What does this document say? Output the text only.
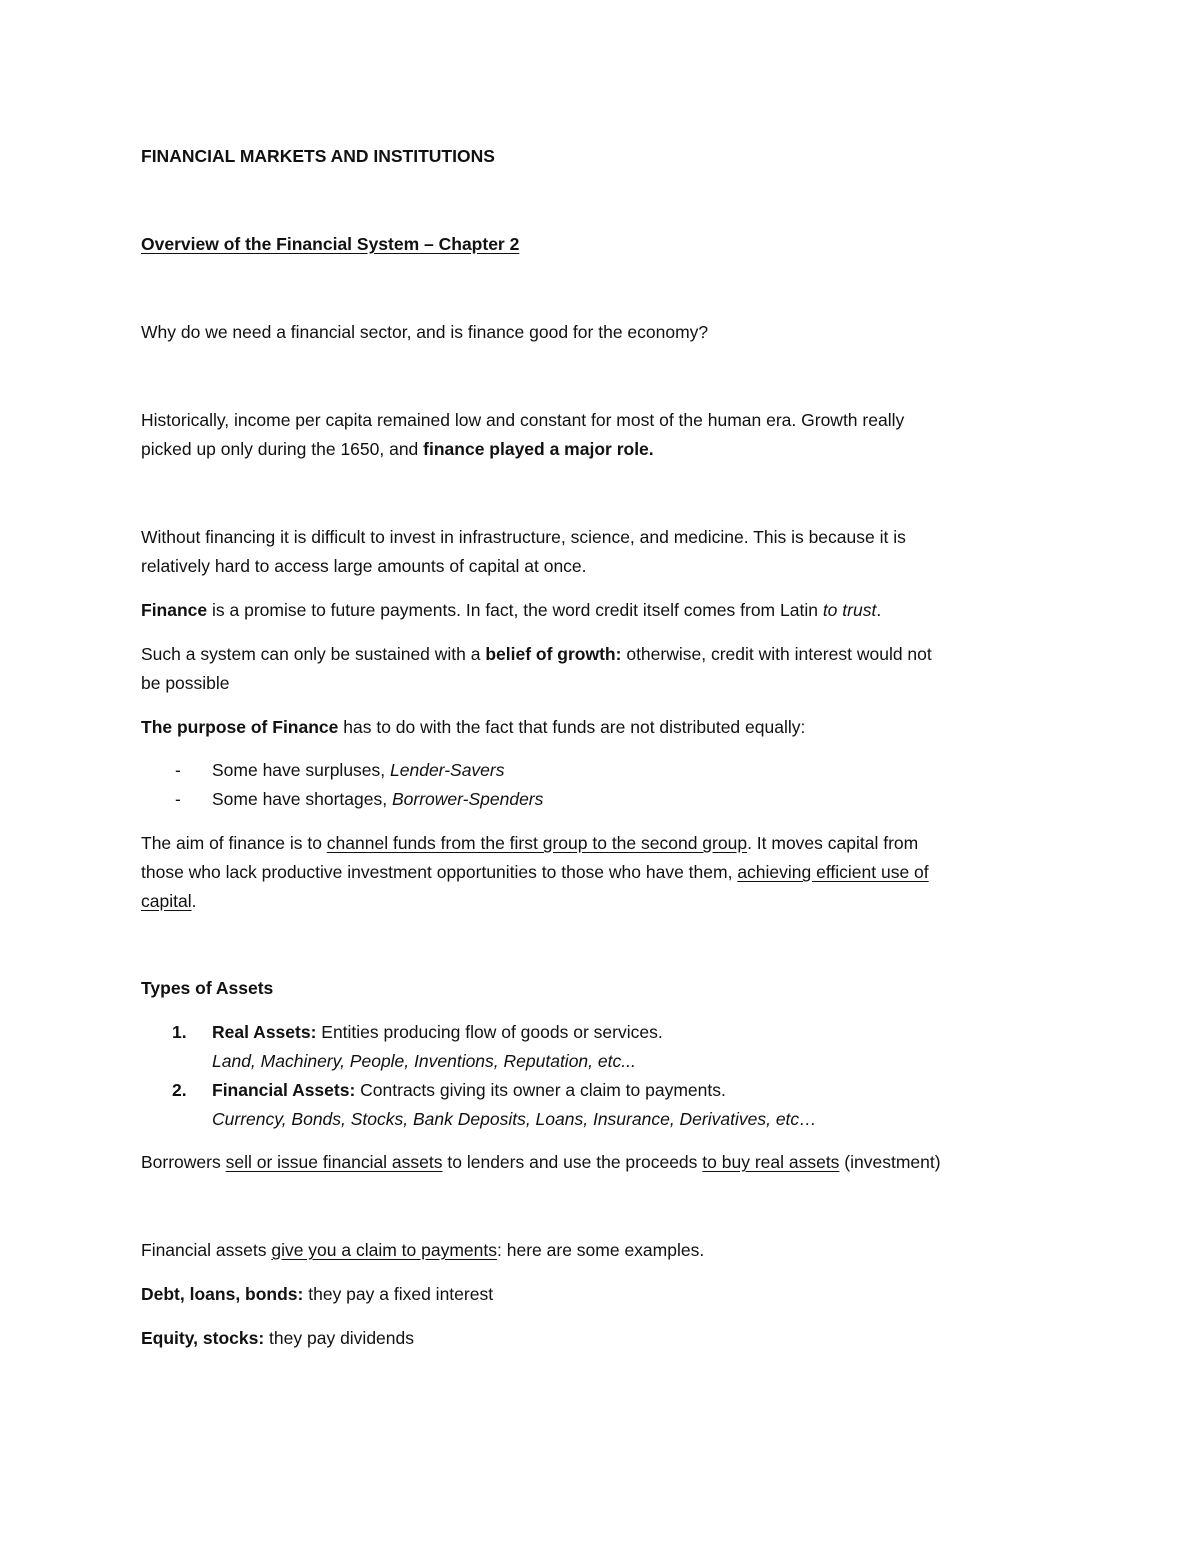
FINANCIAL MARKETS AND INSTITUTIONS

Overview of the Financial System – Chapter 2

Why do we need a financial sector, and is finance good for the economy?

Historically, income per capita remained low and constant for most of the human era. Growth really

picked up only during the 1650, and finance played a major role.

Without financing it is difficult to invest in infrastructure, science, and medicine. This is because it is

relatively hard to access large amounts of capital at once.

Finance is a promise to future payments. In fact, the word credit itself comes from Latin to trust.

Such a system can only be sustained with a belief of growth: otherwise, credit with interest would not

be possible

The purpose of Finance has to do with the fact that funds are not distributed equally:

- Some have surpluses, Lender-Savers

- Some have shortages, Borrower-Spenders

The aim of finance is to channel funds from the first group to the second group. It moves capital from

those who lack productive investment opportunities to those who have them, achieving efficient use of

capital.

Types of Assets

1. Real Assets: Entities producing flow of goods or services.

Land, Machinery, People, Inventions, Reputation, etc...

2. Financial Assets: Contracts giving its owner a claim to payments.

Currency, Bonds, Stocks, Bank Deposits, Loans, Insurance, Derivatives, etc…

Borrowers sell or issue financial assets to lenders and use the proceeds to buy real assets (investment)

Financial assets give you a claim to payments: here are some examples.

Debt, loans, bonds: they pay a fixed interest

Equity, stocks: they pay dividends
